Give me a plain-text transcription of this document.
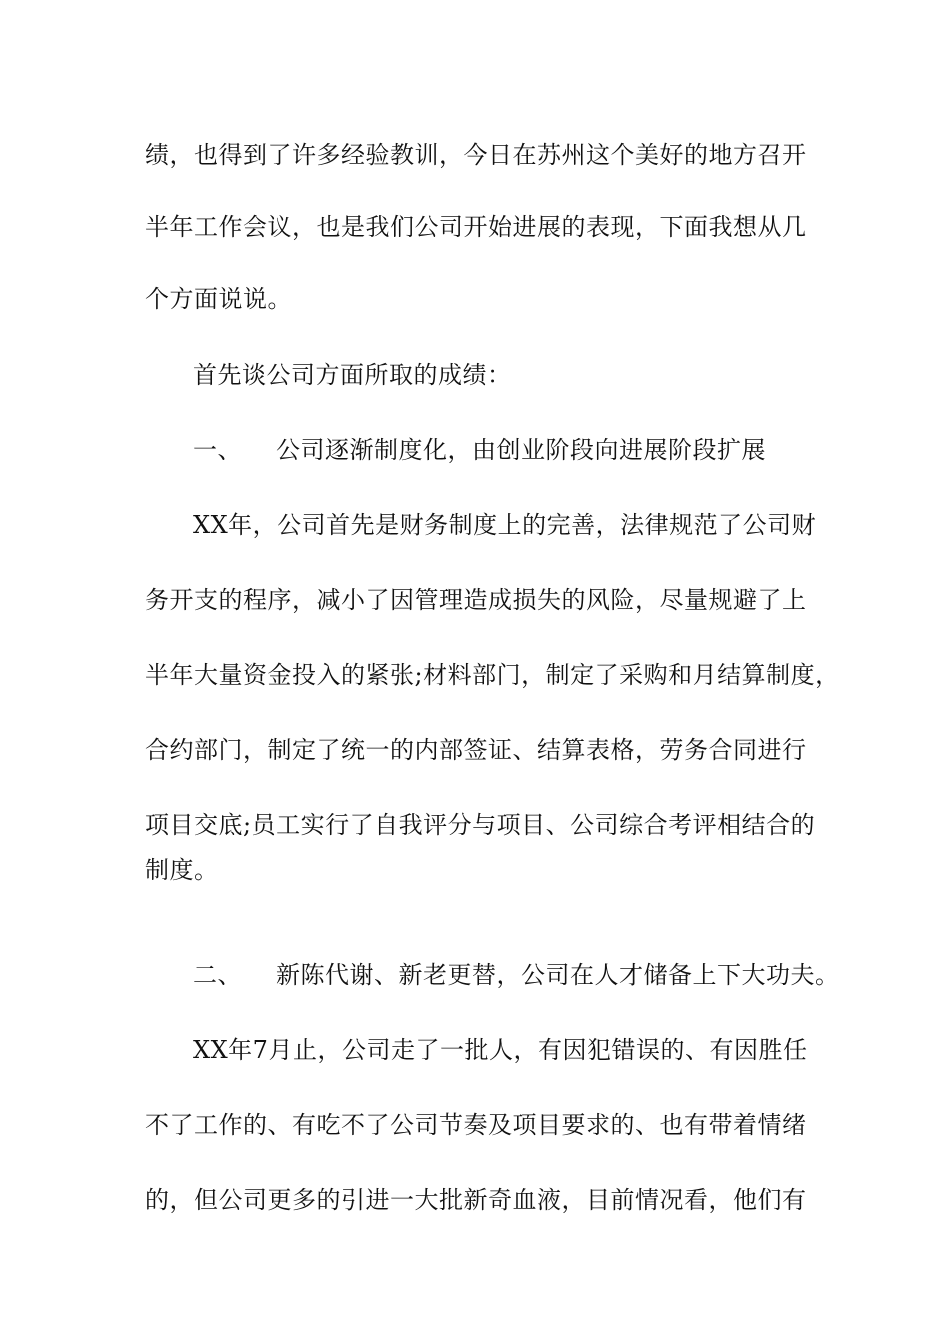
绩，也得到了许多经验教训，今日在苏州这个美好的地方召开
半年工作会议，也是我们公司开始进展的表现，下面我想从几
个方面说说。
首先谈公司方面所取的成绩：
一、 公司逐渐制度化，由创业阶段向进展阶段扩展
XX年，公司首先是财务制度上的完善，法律规范了公司财
务开支的程序，减小了因管理造成损失的风险，尽量规避了上
半年大量资金投入的紧张;材料部门，制定了采购和月结算制度，
合约部门，制定了统一的内部签证、结算表格，劳务合同进行
项目交底;员工实行了自我评分与项目、公司综合考评相结合的
制度。
二、 新陈代谢、新老更替，公司在人才储备上下大功夫。
XX年7月止，公司走了一批人，有因犯错误的、有因胜任
不了工作的、有吃不了公司节奏及项目要求的、也有带着情绪
的，但公司更多的引进一大批新奇血液，目前情况看，他们有
